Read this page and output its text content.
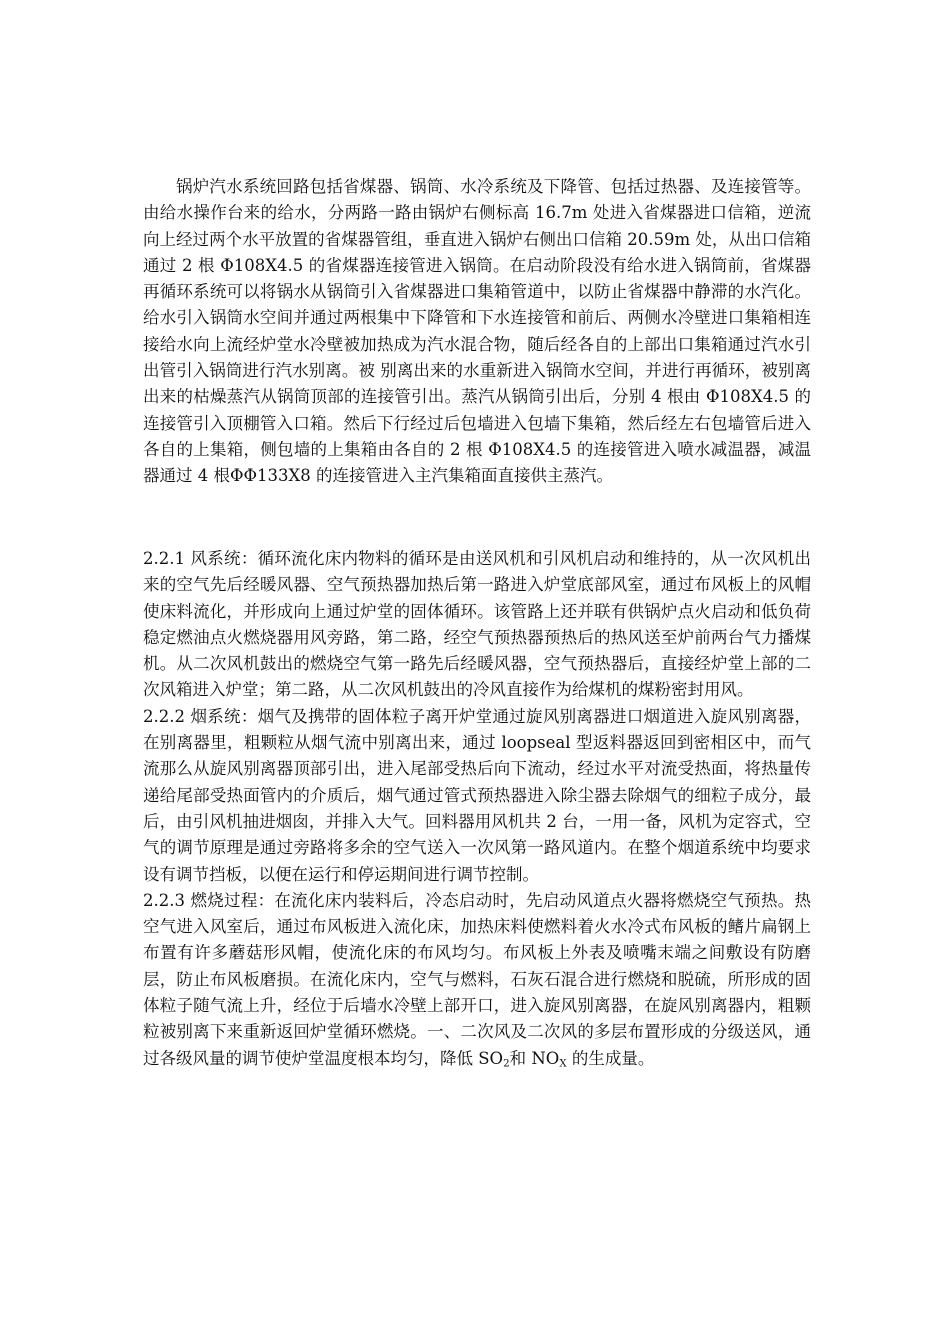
锅炉汽水系统回路包括省煤器、锅筒、水冷系统及下降管、包括过热器、及连接管等。由给水操作台来的给水，分两路一路由锅炉右侧标高 16.7m 处进入省煤器进口信箱，逆流向上经过两个水平放置的省煤器管组，垂直进入锅炉右侧出口信箱 20.59m 处，从出口信箱通过 2 根 Φ108X4.5 的省煤器连接管进入锅筒。在启动阶段没有给水进入锅筒前，省煤器再循环系统可以将锅水从锅筒引入省煤器进口集箱管道中，以防止省煤器中静滞的水汽化。给水引入锅筒水空间并通过两根集中下降管和下水连接管和前后、两侧水冷壁进口集箱相连接给水向上流经炉堂水冷壁被加热成为汽水混合物，随后经各自的上部出口集箱通过汽水引出管引入锅筒进行汽水别离。被 别离出来的水重新进入锅筒水空间，并进行再循环，被别离出来的枯燥蒸汽从锅筒顶部的连接管引出。蒸汽从锅筒引出后，分别 4 根由 Φ108X4.5 的连接管引入顶棚管入口箱。然后下行经过后包墙进入包墙下集箱，然后经左右包墙管后进入各自的上集箱，侧包墙的上集箱由各自的 2 根 Φ108X4.5 的连接管进入喷水减温器，减温器通过 4 根ΦΦ133X8 的连接管进入主汽集箱面直接供主蒸汽。

2.2.1 风系统：循环流化床内物料的循环是由送风机和引风机启动和维持的，从一次风机出来的空气先后经暖风器、空气预热器加热后第一路进入炉堂底部风室，通过布风板上的风帽使床料流化，并形成向上通过炉堂的固体循环。该管路上还并联有供锅炉点火启动和低负荷稳定燃油点火燃烧器用风旁路，第二路，经空气预热器预热后的热风送至炉前两台气力播煤机。从二次风机鼓出的燃烧空气第一路先后经暖风器，空气预热器后，直接经炉堂上部的二次风箱进入炉堂；第二路，从二次风机鼓出的冷风直接作为给煤机的煤粉密封用风。

2.2.2 烟系统：烟气及携带的固体粒子离开炉堂通过旋风别离器进口烟道进入旋风别离器，在别离器里，粗颗粒从烟气流中别离出来，通过 loopseal 型返料器返回到密相区中，而气流那么从旋风别离器顶部引出，进入尾部受热后向下流动，经过水平对流受热面，将热量传递给尾部受热面管内的介质后，烟气通过管式预热器进入除尘器去除烟气的细粒子成分，最后，由引风机抽进烟囱，并排入大气。回料器用风机共 2 台，一用一备，风机为定容式，空气的调节原理是通过旁路将多余的空气送入一次风第一路风道内。在整个烟道系统中均要求设有调节挡板，以便在运行和停运期间进行调节控制。

2.2.3 燃烧过程：在流化床内装料后，冷态启动时，先启动风道点火器将燃烧空气预热。热空气进入风室后，通过布风板进入流化床，加热床料使燃料着火水冷式布风板的鳍片扁钢上布置有许多蘑菇形风帽，使流化床的布风均匀。布风板上外表及喷嘴末端之间敷设有防磨层，防止布风板磨损。在流化床内，空气与燃料，石灰石混合进行燃烧和脱硫，所形成的固体粒子随气流上升，经位于后墙水冷壁上部开口，进入旋风别离器，在旋风别离器内，粗颗粒被别离下来重新返回炉堂循环燃烧。一、二次风及二次风的多层布置形成的分级送风，通过各级风量的调节使炉堂温度根本均匀，降低 $SO_2$和 $NO_X$ 的生成量。
